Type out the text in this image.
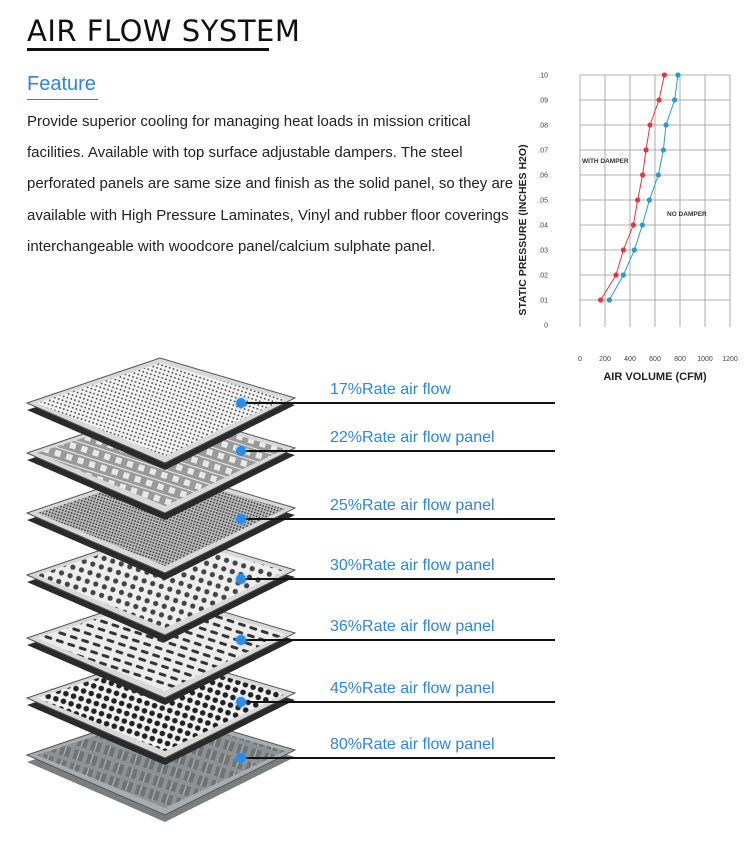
AIR FLOW SYSTEM
Feature
Provide superior cooling for managing heat loads in mission critical facilities. Available with top surface adjustable dampers. The steel perforated panels are same size and finish as the solid panel, so they are available with High Pressure Laminates, Vinyl and rubber floor coverings interchangeable with woodcore panel/calcium sulphate panel.
0 200 400 600 800 1000 1200
.10
.09
.08
.07
.06
.05
.04
.03
.02
.01
0
STATIC PRESSURE (INCHES H2O)
AIR VOLUME (CFM)
WITH DAMPER
NO DAMPER
17%Rate air flow
22%Rate air flow panel
25%Rate air flow panel
30%Rate air flow panel
36%Rate air flow panel
45%Rate air flow panel
80%Rate air flow panel
